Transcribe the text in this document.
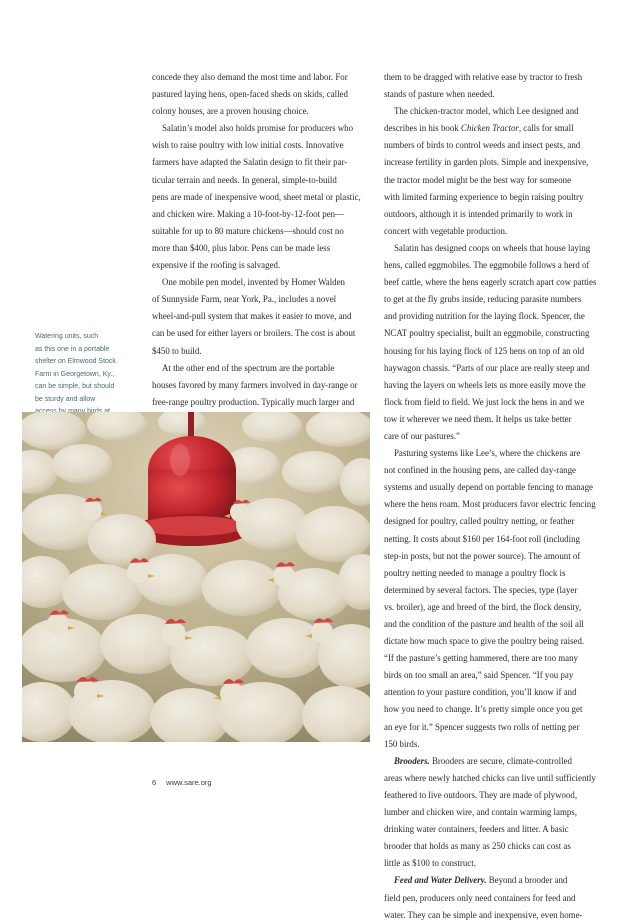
concede they also demand the most time and labor. For
pastured laying hens, open-faced sheds on skids, called
colony houses, are a proven housing choice.

Salatin’s model also holds promise for producers who
wish to raise poultry with low initial costs. Innovative
farmers have adapted the Salatin design to fit their par-
ticular terrain and needs. In general, simple-to-build
pens are made of inexpensive wood, sheet metal or plastic,
and chicken wire. Making a 10-foot-by-12-foot pen—
suitable for up to 80 mature chickens—should cost no
more than $400, plus labor. Pens can be made less
expensive if the roofing is salvaged.

One mobile pen model, invented by Homer Walden
of Sunnyside Farm, near York, Pa., includes a novel
wheel-and-pull system that makes it easier to move, and
can be used for either layers or broilers. The cost is about
$450 to build.

At the other end of the spectrum are the portable
houses favored by many farmers involved in day-range or
free-range poultry production. Typically much larger and

them to be dragged with relative ease by tractor to fresh
stands of pasture when needed.

The chicken-tractor model, which Lee designed and
describes in his book Chicken Tractor, calls for small
numbers of birds to control weeds and insect pests, and
increase fertility in garden plots. Simple and inexpensive,
the tractor model might be the best way for someone
with limited farming experience to begin raising poultry
outdoors, although it is intended primarily to work in
concert with vegetable production.

Salatin has designed coops on wheels that house laying
hens, called eggmobiles. The eggmobile follows a herd of
beef cattle, where the hens eagerly scratch apart cow patties
to get at the fly grubs inside, reducing parasite numbers
and providing nutrition for the laying flock. Spencer, the
NCAT poultry specialist, built an eggmobile, constructing
housing for his laying flock of 125 hens on top of an old
haywagon chassis. “Parts of our place are really steep and
having the layers on wheels lets us more easily move the
flock from field to field. We just lock the hens in and we
tow it wherever we need them. It helps us take better
care of our pastures.”

Pasturing systems like Lee’s, where the chickens are
not confined in the housing pens, are called day-range
systems and usually depend on portable fencing to manage
where the hens roam. Most producers favor electric fencing
designed for poultry, called poultry netting, or feather
netting. It costs about $160 per 164-foot roll (including
step-in posts, but not the power source). The amount of
poultry netting needed to manage a poultry flock is
determined by several factors. The species, type (layer
vs. broiler), age and breed of the bird, the flock density,
and the condition of the pasture and health of the soil all
dictate how much space to give the poultry being raised.
“If the pasture’s getting hammered, there are too many
birds on too small an area,” said Spencer. “If you pay
attention to your pasture condition, you’ll know if and
how you need to change. It’s pretty simple once you get
an eye for it.” Spencer suggests two rolls of netting per
150 birds.

Brooders. Brooders are secure, climate-controlled
areas where newly hatched chicks can live until sufficiently
feathered to live outdoors. They are made of plywood,
lumber and chicken wire, and contain warming lamps,
drinking water containers, feeders and litter. A basic
brooder that holds as many as 250 chicks can cost as
little as $100 to construct.

Feed and Water Delivery. Beyond a brooder and
field pen, producers only need containers for feed and
water. They can be simple and inexpensive, even home-

Watering units, such

as this one in a portable

shelter on Elmwood Stock

Farm in Georgetown, Ky.,

can be simple, but should

be sturdy and allow

6 www.sare.org
